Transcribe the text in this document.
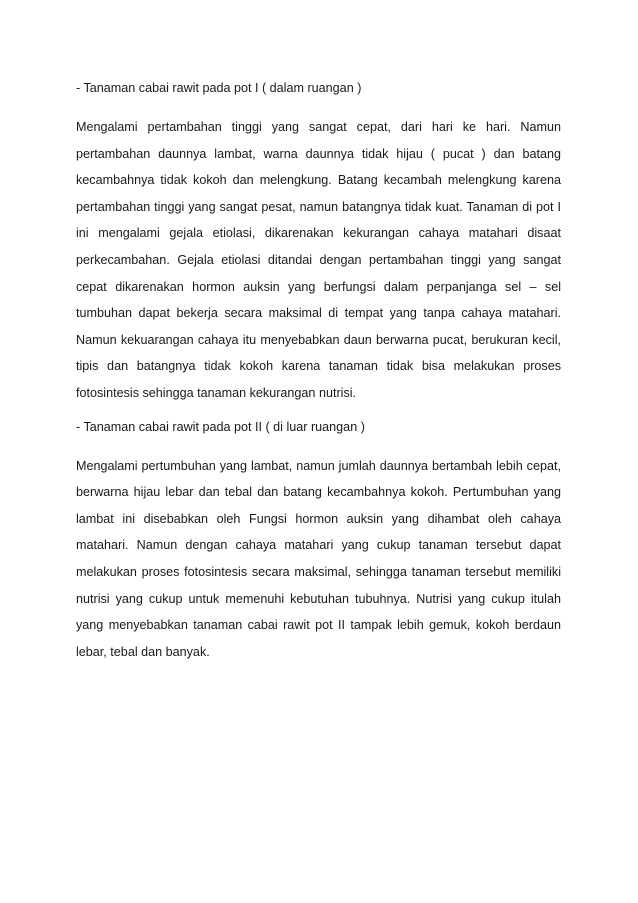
- Tanaman cabai rawit pada pot I ( dalam ruangan )

Mengalami pertambahan tinggi yang sangat cepat, dari hari ke hari. Namun pertambahan daunnya lambat, warna daunnya tidak hijau ( pucat ) dan batang kecambahnya tidak kokoh dan melengkung. Batang kecambah melengkung karena pertambahan tinggi yang sangat pesat, namun batangnya tidak kuat. Tanaman di pot I ini mengalami gejala etiolasi, dikarenakan kekurangan cahaya matahari disaat perkecambahan. Gejala etiolasi ditandai dengan pertambahan tinggi yang sangat cepat dikarenakan hormon auksin yang berfungsi dalam perpanjanga sel – sel tumbuhan dapat bekerja secara maksimal di tempat yang tanpa cahaya matahari. Namun kekuarangan cahaya itu menyebabkan daun berwarna pucat, berukuran kecil, tipis dan batangnya tidak kokoh karena tanaman tidak bisa melakukan proses fotosintesis sehingga tanaman kekurangan nutrisi.

- Tanaman cabai rawit pada pot II ( di luar ruangan )

Mengalami pertumbuhan yang lambat, namun jumlah daunnya bertambah lebih cepat, berwarna hijau lebar dan tebal dan batang kecambahnya kokoh. Pertumbuhan yang lambat ini disebabkan oleh Fungsi hormon auksin yang dihambat oleh cahaya matahari. Namun dengan cahaya matahari yang cukup tanaman tersebut dapat melakukan proses fotosintesis secara maksimal, sehingga tanaman tersebut memiliki nutrisi yang cukup untuk memenuhi kebutuhan tubuhnya. Nutrisi yang cukup itulah yang menyebabkan tanaman cabai rawit pot II tampak lebih gemuk, kokoh berdaun lebar, tebal dan banyak.
